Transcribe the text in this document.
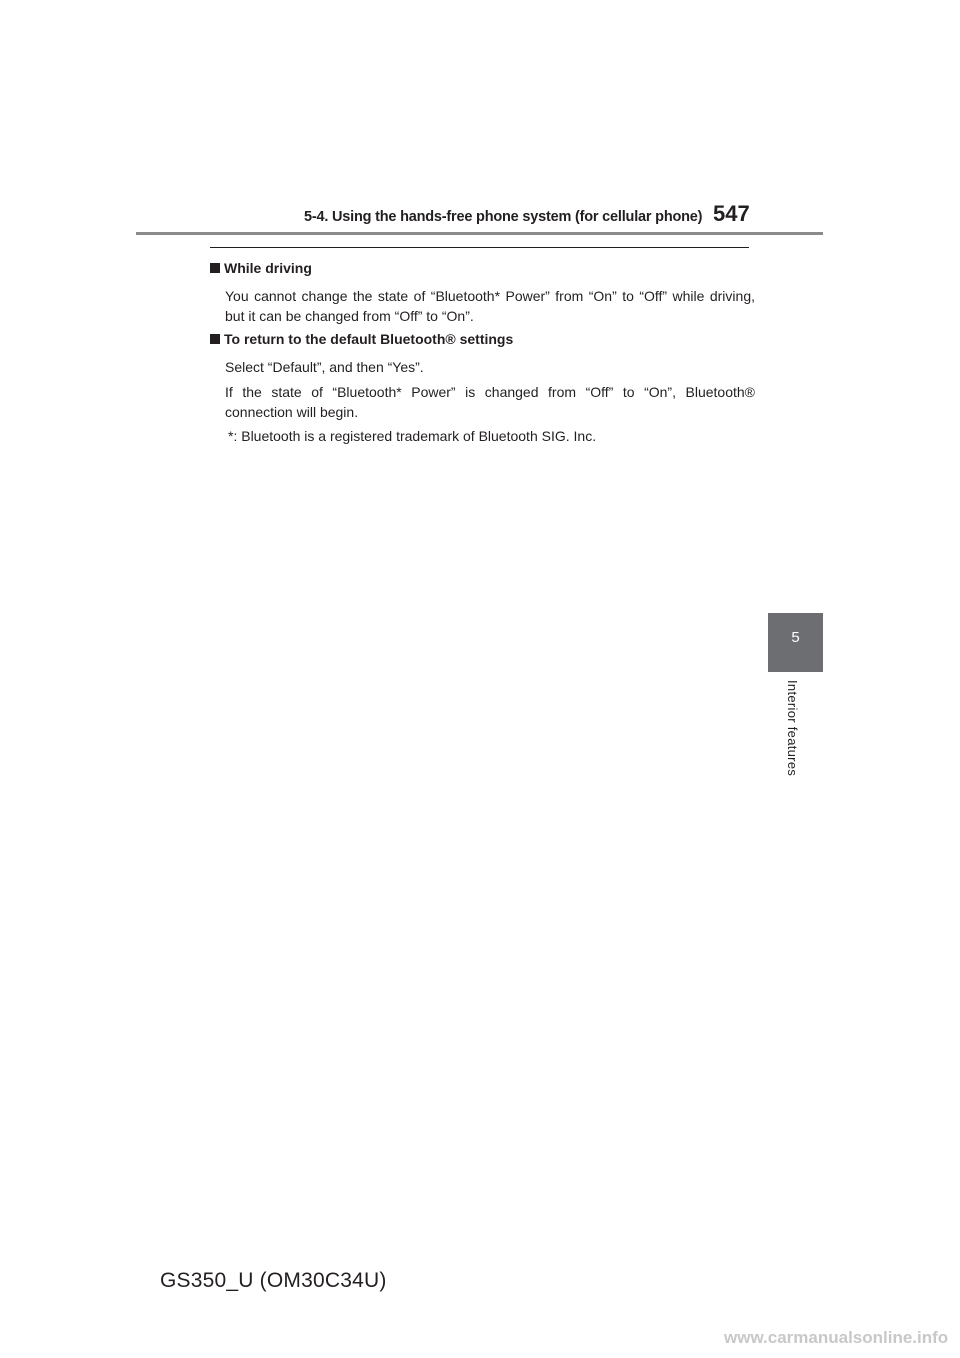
5-4. Using the hands-free phone system (for cellular phone) 547
5
Interior features
While driving
You cannot change the state of “Bluetooth* Power” from “On” to “Off” while driving, but it can be changed from “Off” to “On”.
To return to the default Bluetooth® settings
Select “Default”, and then “Yes”.
If the state of “Bluetooth* Power” is changed from “Off” to “On”, Bluetooth® connection will begin.
*: Bluetooth is a registered trademark of Bluetooth SIG. Inc.
GS350_U (OM30C34U)
www.carmanualsonline.info
